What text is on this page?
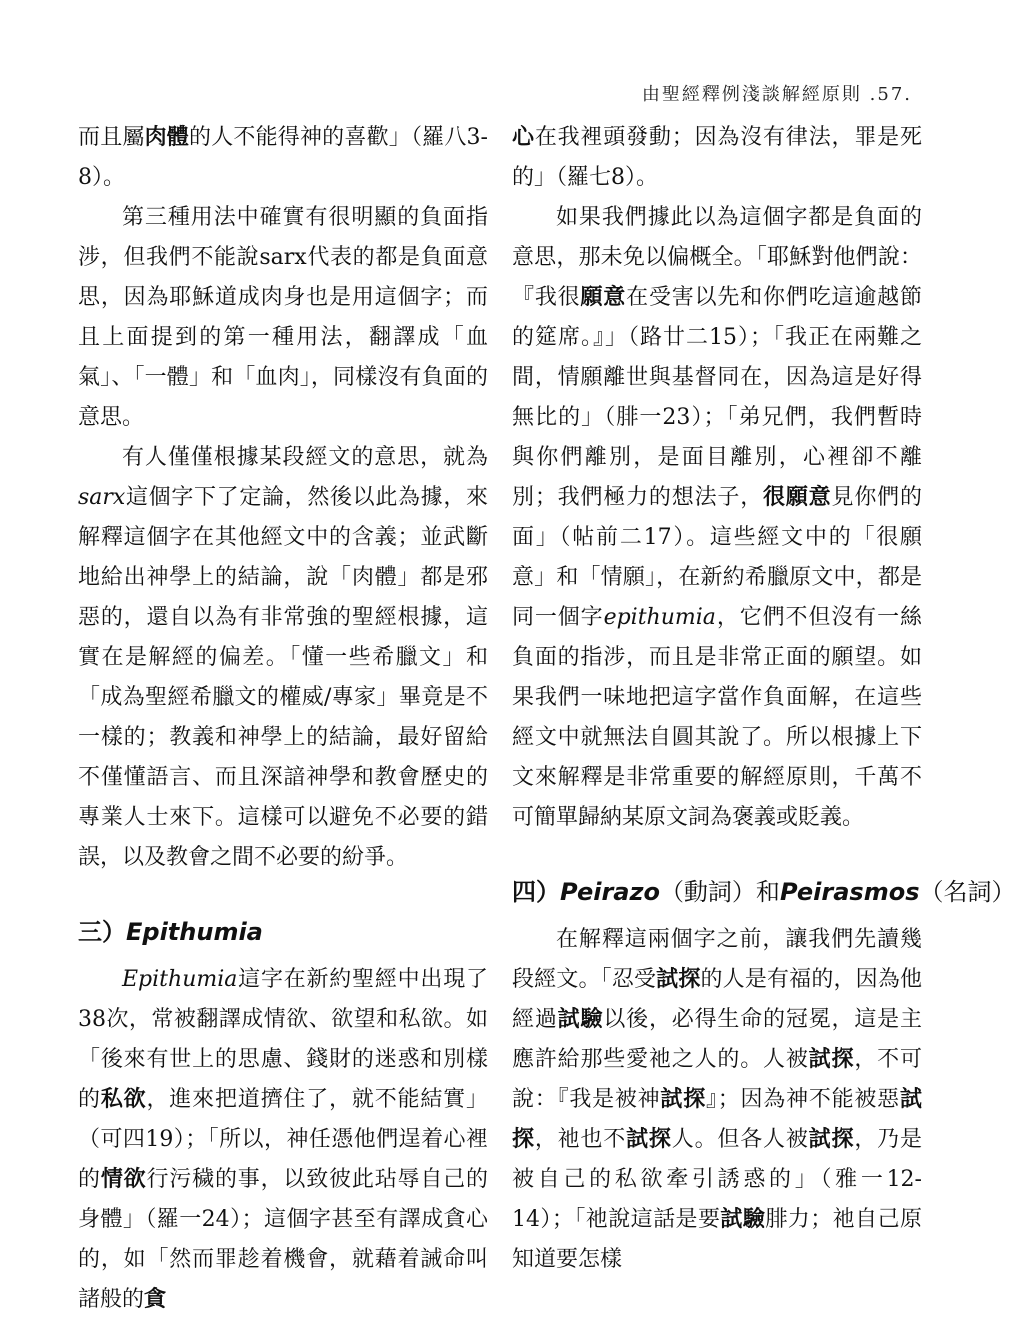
由聖經釋例淺談解經原則 .57.

而且屬肉體的人不能得神的喜歡」（羅八3-8）。

第三種用法中確實有很明顯的負面指涉，但我們不能說sarx代表的都是負面意思，因為耶穌道成肉身也是用這個字；而且上面提到的第一種用法，翻譯成「血氣」、「一體」和「血肉」，同樣沒有負面的意思。

有人僅僅根據某段經文的意思，就為sarx這個字下了定論，然後以此為據，來解釋這個字在其他經文中的含義；並武斷地給出神學上的結論，說「肉體」都是邪惡的，還自以為有非常強的聖經根據，這實在是解經的偏差。「懂一些希臘文」和「成為聖經希臘文的權威/專家」畢竟是不一樣的；教義和神學上的結論，最好留給不僅懂語言、而且深諳神學和教會歷史的專業人士來下。這樣可以避免不必要的錯誤，以及教會之間不必要的紛爭。

三）Epithumia

Epithumia這字在新約聖經中出現了38次，常被翻譯成情欲、欲望和私欲。如「後來有世上的思慮、錢財的迷惑和別樣的私欲，進來把道擠住了，就不能結實」（可四19）；「所以，神任憑他們逞着心裡的情欲行污穢的事，以致彼此玷辱自己的身體」（羅一24）；這個字甚至有譯成貪心的，如「然而罪趁着機會，就藉着誡命叫諸般的貪

心在我裡頭發動；因為沒有律法，罪是死的」（羅七8）。

如果我們據此以為這個字都是負面的意思，那未免以偏概全。「耶穌對他們說：『我很願意在受害以先和你們吃這逾越節的筵席。』」（路廿二15）；「我正在兩難之間，情願離世與基督同在，因為這是好得無比的」（腓一23）；「弟兄們，我們暫時與你們離別，是面目離別，心裡卻不離別；我們極力的想法子，很願意見你們的面」（帖前二17）。這些經文中的「很願意」和「情願」，在新約希臘原文中，都是同一個字epithumia，它們不但沒有一絲負面的指涉，而且是非常正面的願望。如果我們一味地把這字當作負面解，在這些經文中就無法自圓其說了。所以根據上下文來解釋是非常重要的解經原則，千萬不可簡單歸納某原文詞為褒義或貶義。

四）Peirazo（動詞）和Peirasmos（名詞）

在解釋這兩個字之前，讓我們先讀幾段經文。「忍受試探的人是有福的，因為他經過試驗以後，必得生命的冠冕，這是主應許給那些愛祂之人的。人被試探，不可說：『我是被神試探』；因為神不能被惡試探，祂也不試探人。但各人被試探，乃是被自己的私欲牽引誘惑的」（雅一12-14）；「祂說這話是要試驗腓力；祂自己原知道要怎樣
